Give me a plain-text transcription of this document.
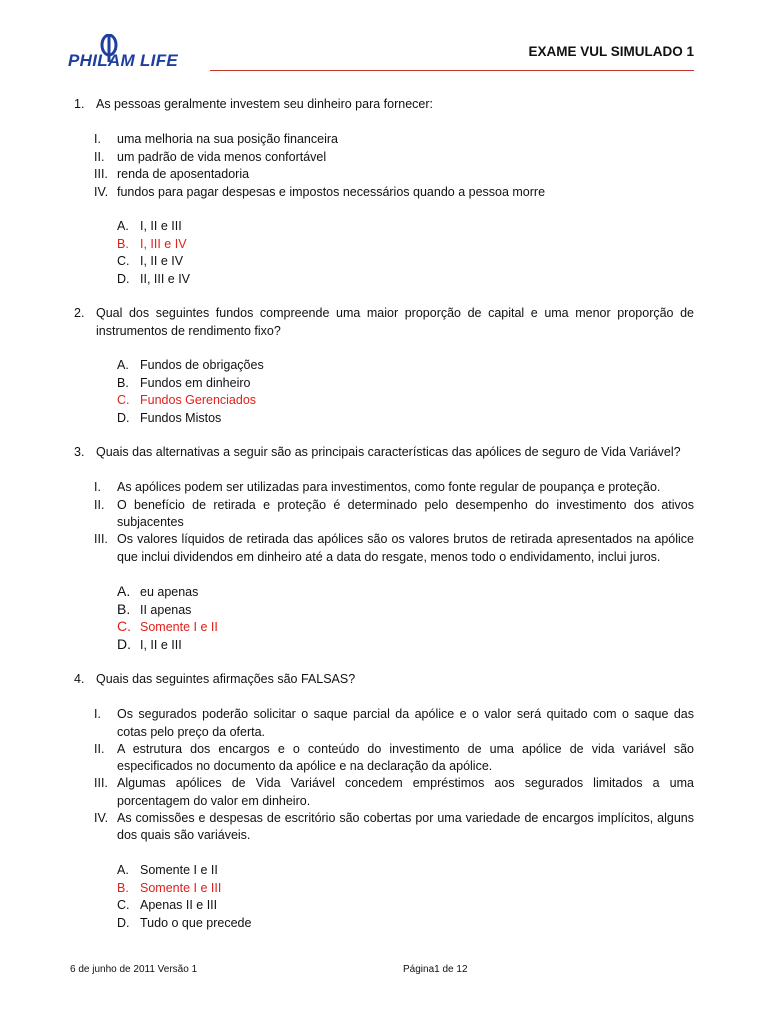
PHILAM LIFE	EXAME VUL SIMULADO 1
1. As pessoas geralmente investem seu dinheiro para fornecer:
I. uma melhoria na sua posição financeira
II. um padrão de vida menos confortável
III. renda de aposentadoria
IV. fundos para pagar despesas e impostos necessários quando a pessoa morre
A. I, II e III
B. I, III e IV
C. I, II e IV
D. II, III e IV
2. Qual dos seguintes fundos compreende uma maior proporção de capital e uma menor proporção de instrumentos de rendimento fixo?
A. Fundos de obrigações
B. Fundos em dinheiro
C. Fundos Gerenciados
D. Fundos Mistos
3. Quais das alternativas a seguir são as principais características das apólices de seguro de Vida Variável?
I. As apólices podem ser utilizadas para investimentos, como fonte regular de poupança e proteção.
II. O benefício de retirada e proteção é determinado pelo desempenho do investimento dos ativos subjacentes
III. Os valores líquidos de retirada das apólices são os valores brutos de retirada apresentados na apólice que inclui dividendos em dinheiro até a data do resgate, menos todo o endividamento, inclui juros.
A. eu apenas
B. II apenas
C. Somente I e II
D. I, II e III
4. Quais das seguintes afirmações são FALSAS?
I. Os segurados poderão solicitar o saque parcial da apólice e o valor será quitado com o saque das cotas pelo preço da oferta.
II. A estrutura dos encargos e o conteúdo do investimento de uma apólice de vida variável são especificados no documento da apólice e na declaração da apólice.
III. Algumas apólices de Vida Variável concedem empréstimos aos segurados limitados a uma porcentagem do valor em dinheiro.
IV. As comissões e despesas de escritório são cobertas por uma variedade de encargos implícitos, alguns dos quais são variáveis.
A. Somente I e II
B. Somente I e III
C. Apenas II e III
D. Tudo o que precede
6 de junho de 2011 Versão 1	Página1 de 12
